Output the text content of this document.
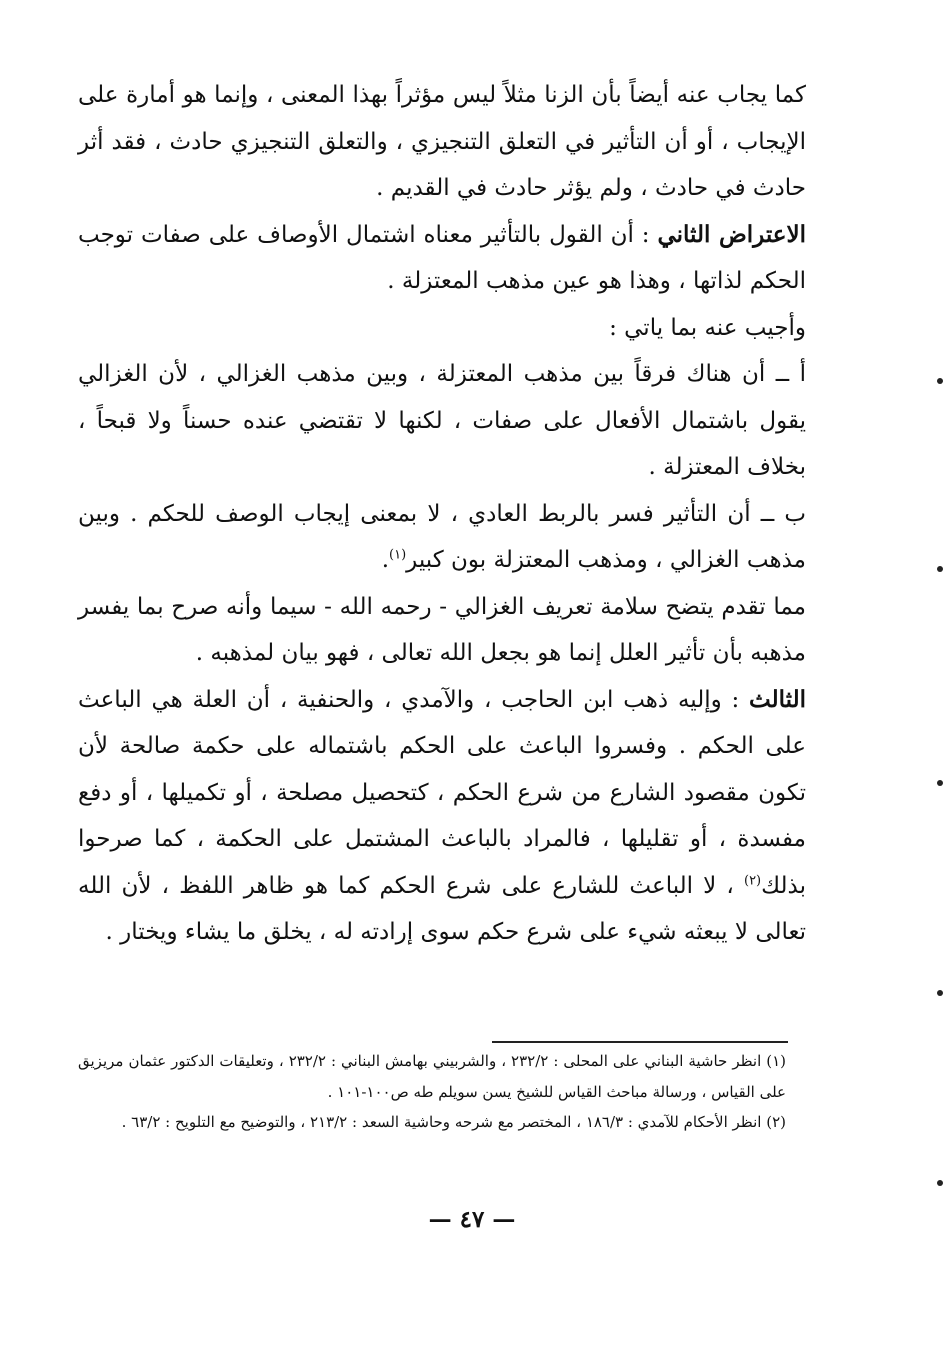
كما يجاب عنه أيضاً بأن الزنا مثلاً ليس مؤثراً بهذا المعنى ، وإنما هو أمارة على الإيجاب ، أو أن التأثير في التعلق التنجيزي ، والتعلق التنجيزي حادث ، فقد أثر حادث في حادث ، ولم يؤثر حادث في القديم .

الاعتراض الثاني : أن القول بالتأثير معناه اشتمال الأوصاف على صفات توجب الحكم لذاتها ، وهذا هو عين مذهب المعتزلة .

وأجيب عنه بما ياتي :

أ ــ أن هناك فرقاً بين مذهب المعتزلة ، وبين مذهب الغزالي ، لأن الغزالي يقول باشتمال الأفعال على صفات ، لكنها لا تقتضي عنده حسناً ولا قبحاً ، بخلاف المعتزلة .

ب ــ أن التأثير فسر بالربط العادي ، لا بمعنى إيجاب الوصف للحكم . وبين مذهب الغزالي ، ومذهب المعتزلة بون كبير$^{(١)}$.

مما تقدم يتضح سلامة تعريف الغزالي - رحمه الله - سيما وأنه صرح بما يفسر مذهبه بأن تأثير العلل إنما هو بجعل الله تعالى ، فهو بيان لمذهبه .

الثالث : وإليه ذهب ابن الحاجب ، والآمدي ، والحنفية ، أن العلة هي الباعث على الحكم . وفسروا الباعث على الحكم باشتماله على حكمة صالحة لأن تكون مقصود الشارع من شرع الحكم ، كتحصيل مصلحة ، أو تكميلها ، أو دفع مفسدة ، أو تقليلها ، فالمراد بالباعث المشتمل على الحكمة ، كما صرحوا بذلك$^{(٢)}$ ، لا الباعث للشارع على شرع الحكم كما هو ظاهر اللفظ ، لأن الله تعالى لا يبعثه شيء على شرع حكم سوى إرادته له ، يخلق ما يشاء ويختار .

(١) انظر حاشية البناني على المحلى : ٢٣٢/٢ ، والشربيني بهامش البناني : ٢٣٢/٢ ، وتعليقات الدكتور عثمان مريزيق على القياس ، ورسالة مباحث القياس للشيخ يسن سويلم طه ص١٠٠-١٠١ .

(٢) انظر الأحكام للآمدي : ١٨٦/٣ ، المختصر مع شرحه وحاشية السعد : ٢١٣/٢ ، والتوضيح مع التلويح : ٦٣/٢ .

— ٤٧ —
